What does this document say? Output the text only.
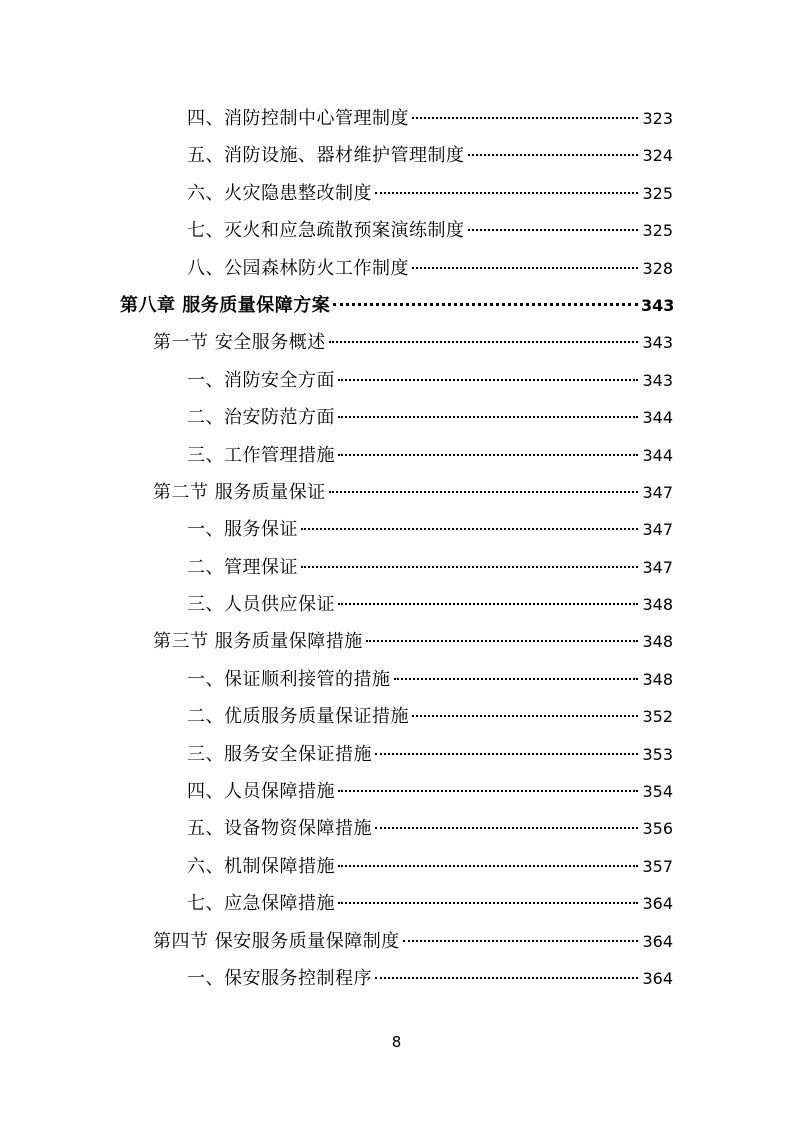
四、消防控制中心管理制度	323
五、消防设施、器材维护管理制度	324
六、火灾隐患整改制度	325
七、灭火和应急疏散预案演练制度	325
八、公园森林防火工作制度	328
第八章 服务质量保障方案	343
第一节 安全服务概述	343
一、消防安全方面	343
二、治安防范方面	344
三、工作管理措施	344
第二节 服务质量保证	347
一、服务保证	347
二、管理保证	347
三、人员供应保证	348
第三节 服务质量保障措施	348
一、保证顺利接管的措施	348
二、优质服务质量保证措施	352
三、服务安全保证措施	353
四、人员保障措施	354
五、设备物资保障措施	356
六、机制保障措施	357
七、应急保障措施	364
第四节 保安服务质量保障制度	364
一、保安服务控制程序	364
8
